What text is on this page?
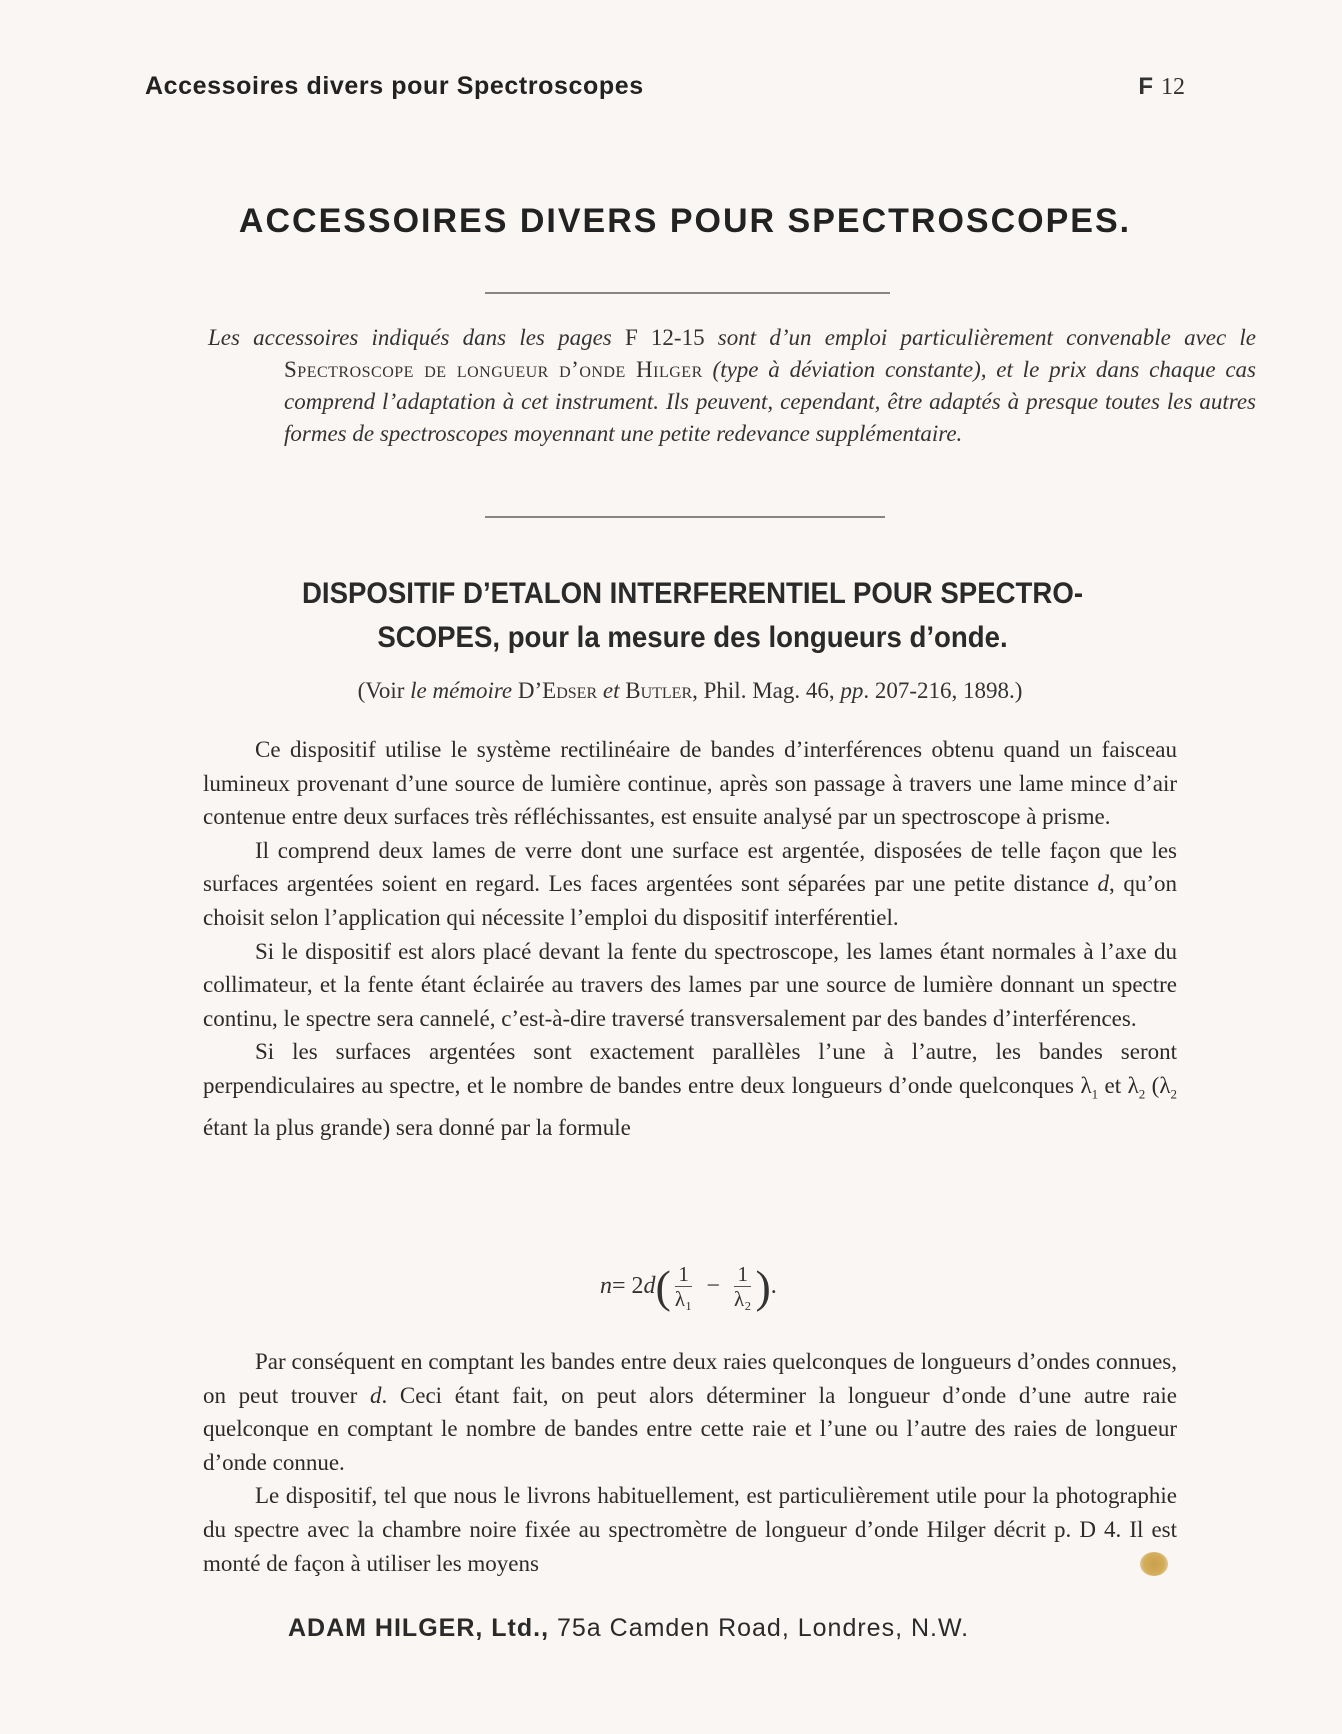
Accessoires divers pour Spectroscopes	F 12
ACCESSOIRES DIVERS POUR SPECTROSCOPES.
Les accessoires indiqués dans les pages F 12-15 sont d’un emploi particulièrement convenable avec le Spectroscope de longueur d’onde Hilger (type à déviation constante), et le prix dans chaque cas comprend l’adaptation à cet instrument. Ils peuvent, cependant, être adaptés à presque toutes les autres formes de spectroscopes moyennant une petite redevance supplémentaire.
DISPOSITIF D’ETALON INTERFERENTIEL POUR SPECTRO-
SCOPES, pour la mesure des longueurs d’onde.
(Voir le mémoire D’Edser et Butler, Phil. Mag. 46, pp. 207-216, 1898.)

Ce dispositif utilise le système rectilinéaire de bandes d’interférences obtenu quand un faisceau lumineux provenant d’une source de lumière continue, après son passage à travers une lame mince d’air contenue entre deux surfaces très réfléchissantes, est ensuite analysé par un spectroscope à prisme.

Il comprend deux lames de verre dont une surface est argentée, disposées de telle façon que les surfaces argentées soient en regard. Les faces argentées sont séparées par une petite distance d, qu’on choisit selon l’application qui nécessite l’emploi du dispositif interférentiel.

Si le dispositif est alors placé devant la fente du spectroscope, les lames étant normales à l’axe du collimateur, et la fente étant éclairée au travers des lames par une source de lumière donnant un spectre continu, le spectre sera cannelé, c’est-à-dire traversé transversalement par des bandes d’interférences.

Si les surfaces argentées sont exactement parallèles l’une à l’autre, les bandes seront perpendiculaires au spectre, et le nombre de bandes entre deux longueurs d’onde quelconques $\lambda_1$ et $\lambda_2$ ($\lambda_2$ étant la plus grande) sera donné par la formule

n = 2 d ( $\frac{1}{\text{λ₁}} - \frac{1}{\text{λ₂}}$ ) .

Par conséquent en comptant les bandes entre deux raies quelconques de longueurs d’ondes connues, on peut trouver d. Ceci étant fait, on peut alors déterminer la longueur d’onde d’une autre raie quelconque en comptant le nombre de bandes entre cette raie et l’une ou l’autre des raies de longueur d’onde connue.

Le dispositif, tel que nous le livrons habituellement, est particulièrement utile pour la photographie du spectre avec la chambre noire fixée au spectromètre de longueur d’onde Hilger décrit p. D 4. Il est monté de façon à utiliser les moyens

ADAM HILGER, Ltd., 75a Camden Road, Londres, N.W.
